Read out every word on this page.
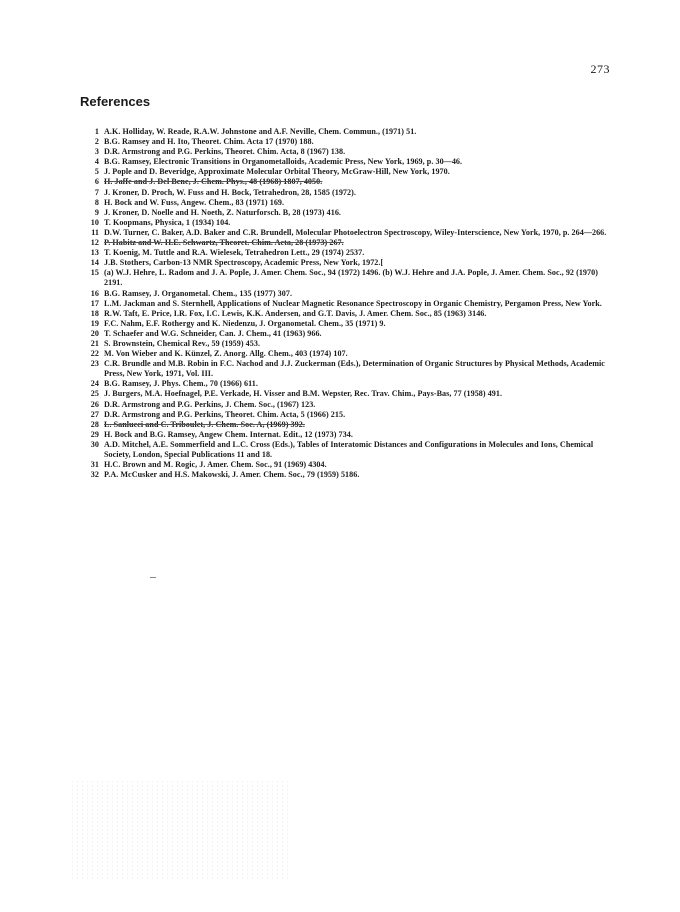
273
References
1 A.K. Holliday, W. Reade, R.A.W. Johnstone and A.F. Neville, Chem. Commun., (1971) 51.
2 B.G. Ramsey and H. Ito, Theoret. Chim. Acta 17 (1970) 188.
3 D.R. Armstrong and P.G. Perkins, Theoret. Chim. Acta, 8 (1967) 138.
4 B.G. Ramsey, Electronic Transitions in Organometalloids, Academic Press, New York, 1969, p. 30—46.
5 J. Pople and D. Beveridge, Approximate Molecular Orbital Theory, McGraw-Hill, New York, 1970.
6 H. Jaffe and J. Del Bene, J. Chem. Phys., 48 (1968) 1807, 4050.
7 J. Kroner, D. Proch, W. Fuss and H. Bock, Tetrahedron, 28, 1585 (1972).
8 H. Bock and W. Fuss, Angew. Chem., 83 (1971) 169.
9 J. Kroner, D. Noelle and H. Noeth, Z. Naturforsch. B, 28 (1973) 416.
10 T. Koopmans, Physica, 1 (1934) 104.
11 D.W. Turner, C. Baker, A.D. Baker and C.R. Brundell, Molecular Photoelectron Spectroscopy, Wiley-Interscience, New York, 1970, p. 264—266.
12 P. Habitz and W. H.E. Schwartz, Theoret. Chim. Acta, 28 (1973) 267.
13 T. Koenig, M. Tuttle and R.A. Wielesek, Tetrahedron Lett., 29 (1974) 2537.
14 J.B. Stothers, Carbon-13 NMR Spectroscopy, Academic Press, New York, 1972.[
15 (a) W.J. Hehre, L. Radom and J. A. Pople, J. Amer. Chem. Soc., 94 (1972) 1496. (b) W.J. Hehre and J.A. Pople, J. Amer. Chem. Soc., 92 (1970) 2191.
16 B.G. Ramsey, J. Organometal. Chem., 135 (1977) 307.
17 L.M. Jackman and S. Sternhell, Applications of Nuclear Magnetic Resonance Spectroscopy in Organic Chemistry, Pergamon Press, New York.
18 R.W. Taft, E. Price, I.R. Fox, I.C. Lewis, K.K. Andersen, and G.T. Davis, J. Amer. Chem. Soc., 85 (1963) 3146.
19 F.C. Nahm, E.F. Rothergy and K. Niedenzu, J. Organometal. Chem., 35 (1971) 9.
20 T. Schaefer and W.G. Schneider, Can. J. Chem., 41 (1963) 966.
21 S. Brownstein, Chemical Rev., 59 (1959) 453.
22 M. Von Wieber and K. Künzel, Z. Anorg. Allg. Chem., 403 (1974) 107.
23 C.R. Brundle and M.B. Robin in F.C. Nachod and J.J. Zuckerman (Eds.), Determination of Organic Structures by Physical Methods, Academic Press, New York, 1971, Vol. III.
24 B.G. Ramsey, J. Phys. Chem., 70 (1966) 611.
25 J. Burgers, M.A. Hoefnagel, P.E. Verkade, H. Visser and B.M. Wepster, Rec. Trav. Chim., Pays-Bas, 77 (1958) 491.
26 D.R. Armstrong and P.G. Perkins, J. Chem. Soc., (1967) 123.
27 D.R. Armstrong and P.G. Perkins, Theoret. Chim. Acta, 5 (1966) 215.
28 L. Sanlucci and C. Triboulet, J. Chem. Soc. A, (1969) 392.
29 H. Bock and B.G. Ramsey, Angew Chem. Internat. Edit., 12 (1973) 734.
30 A.D. Mitchel, A.E. Sommerfield and L.C. Cross (Eds.), Tables of Interatomic Distances and Configurations in Molecules and Ions, Chemical Society, London, Special Publications 11 and 18.
31 H.C. Brown and M. Rogic, J. Amer. Chem. Soc., 91 (1969) 4304.
32 P.A. McCusker and H.S. Makowski, J. Amer. Chem. Soc., 79 (1959) 5186.
